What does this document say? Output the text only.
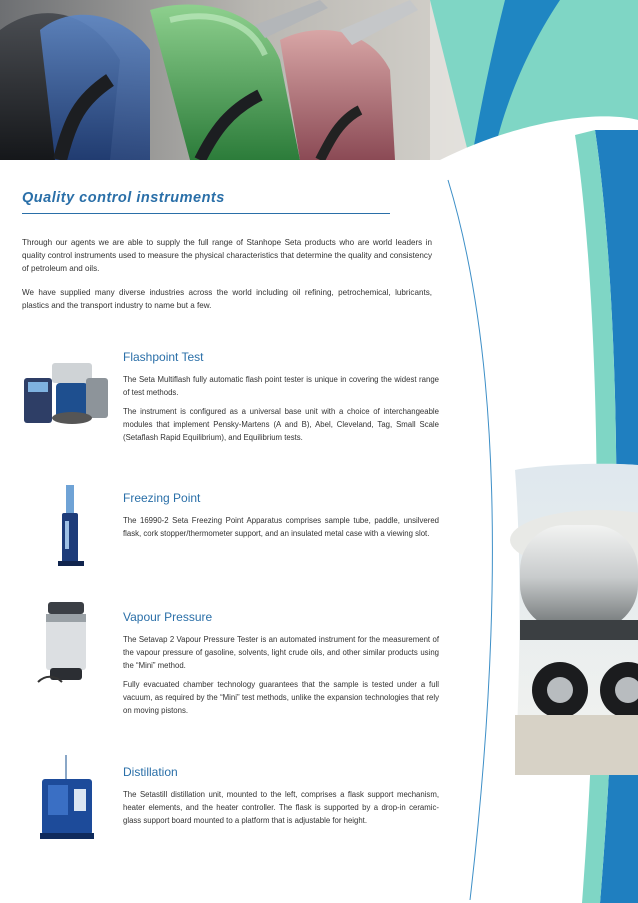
Quality control instruments

Through our agents we are able to supply the full range of Stanhope Seta products who are world leaders in quality control instruments used to measure the physical characteristics that determine the quality and consistency of petroleum and oils.

We have supplied many diverse industries across the world including oil refining, petrochemical, lubricants, plastics and the transport industry to name but a few.

Flashpoint Test

The Seta Multiflash fully automatic flash point tester is unique in covering the widest range of test methods.

The instrument is configured as a universal base unit with a choice of interchangeable modules that implement Pensky-Martens (A and B), Abel, Cleveland, Tag, Small Scale (Setaflash Rapid Equilibrium), and Equilibrium tests.

Freezing Point

The 16990-2 Seta Freezing Point Apparatus comprises sample tube, paddle, unsilvered flask, cork stopper/thermometer support, and an insulated metal case with a viewing slot.

Vapour Pressure

The Setavap 2 Vapour Pressure Tester is an automated instrument for the measurement of the vapour pressure of gasoline, solvents, light crude oils, and other similar products using the “Mini” method.

Fully evacuated chamber technology guarantees that the sample is tested under a full vacuum, as required by the “Mini” test methods, unlike the expansion technologies that rely on moving pistons.

Distillation

The Setastill distillation unit, mounted to the left, comprises a flask support mechanism, heater elements, and the heater controller. The flask is supported by a drop-in ceramic-glass support board mounted to a platform that is adjustable for height.
